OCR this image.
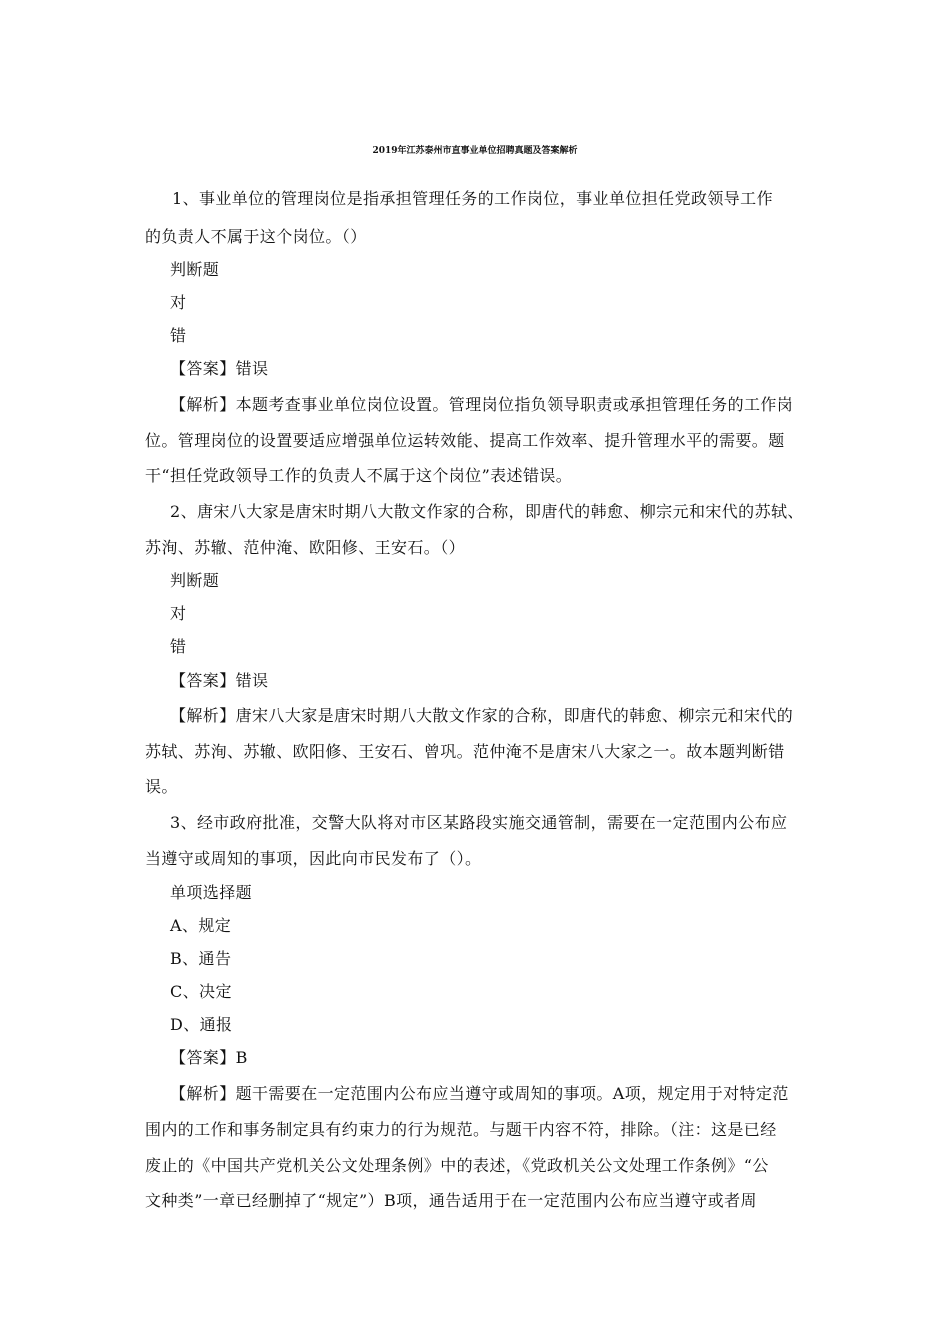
2019年江苏泰州市直事业单位招聘真题及答案解析
1、事业单位的管理岗位是指承担管理任务的工作岗位，事业单位担任党政领导工作
的负责人不属于这个岗位。（）
判断题
对
错
【答案】错误
【解析】本题考查事业单位岗位设置。管理岗位指负领导职责或承担管理任务的工作岗
位。管理岗位的设置要适应增强单位运转效能、提高工作效率、提升管理水平的需要。题
干“担任党政领导工作的负责人不属于这个岗位”表述错误。
2、唐宋八大家是唐宋时期八大散文作家的合称，即唐代的韩愈、柳宗元和宋代的苏轼、
苏洵、苏辙、范仲淹、欧阳修、王安石。（）
判断题
对
错
【答案】错误
【解析】唐宋八大家是唐宋时期八大散文作家的合称，即唐代的韩愈、柳宗元和宋代的
苏轼、苏洵、苏辙、欧阳修、王安石、曾巩。范仲淹不是唐宋八大家之一。故本题判断错
误。
3、经市政府批准，交警大队将对市区某路段实施交通管制，需要在一定范围内公布应
当遵守或周知的事项，因此向市民发布了（）。
单项选择题
A、规定
B、通告
C、决定
D、通报
【答案】B
【解析】题干需要在一定范围内公布应当遵守或周知的事项。A项，规定用于对特定范
围内的工作和事务制定具有约束力的行为规范。与题干内容不符，排除。（注：这是已经
废止的《中国共产党机关公文处理条例》中的表述，《党政机关公文处理工作条例》“公
文种类”一章已经删掉了“规定”）B项，通告适用于在一定范围内公布应当遵守或者周
